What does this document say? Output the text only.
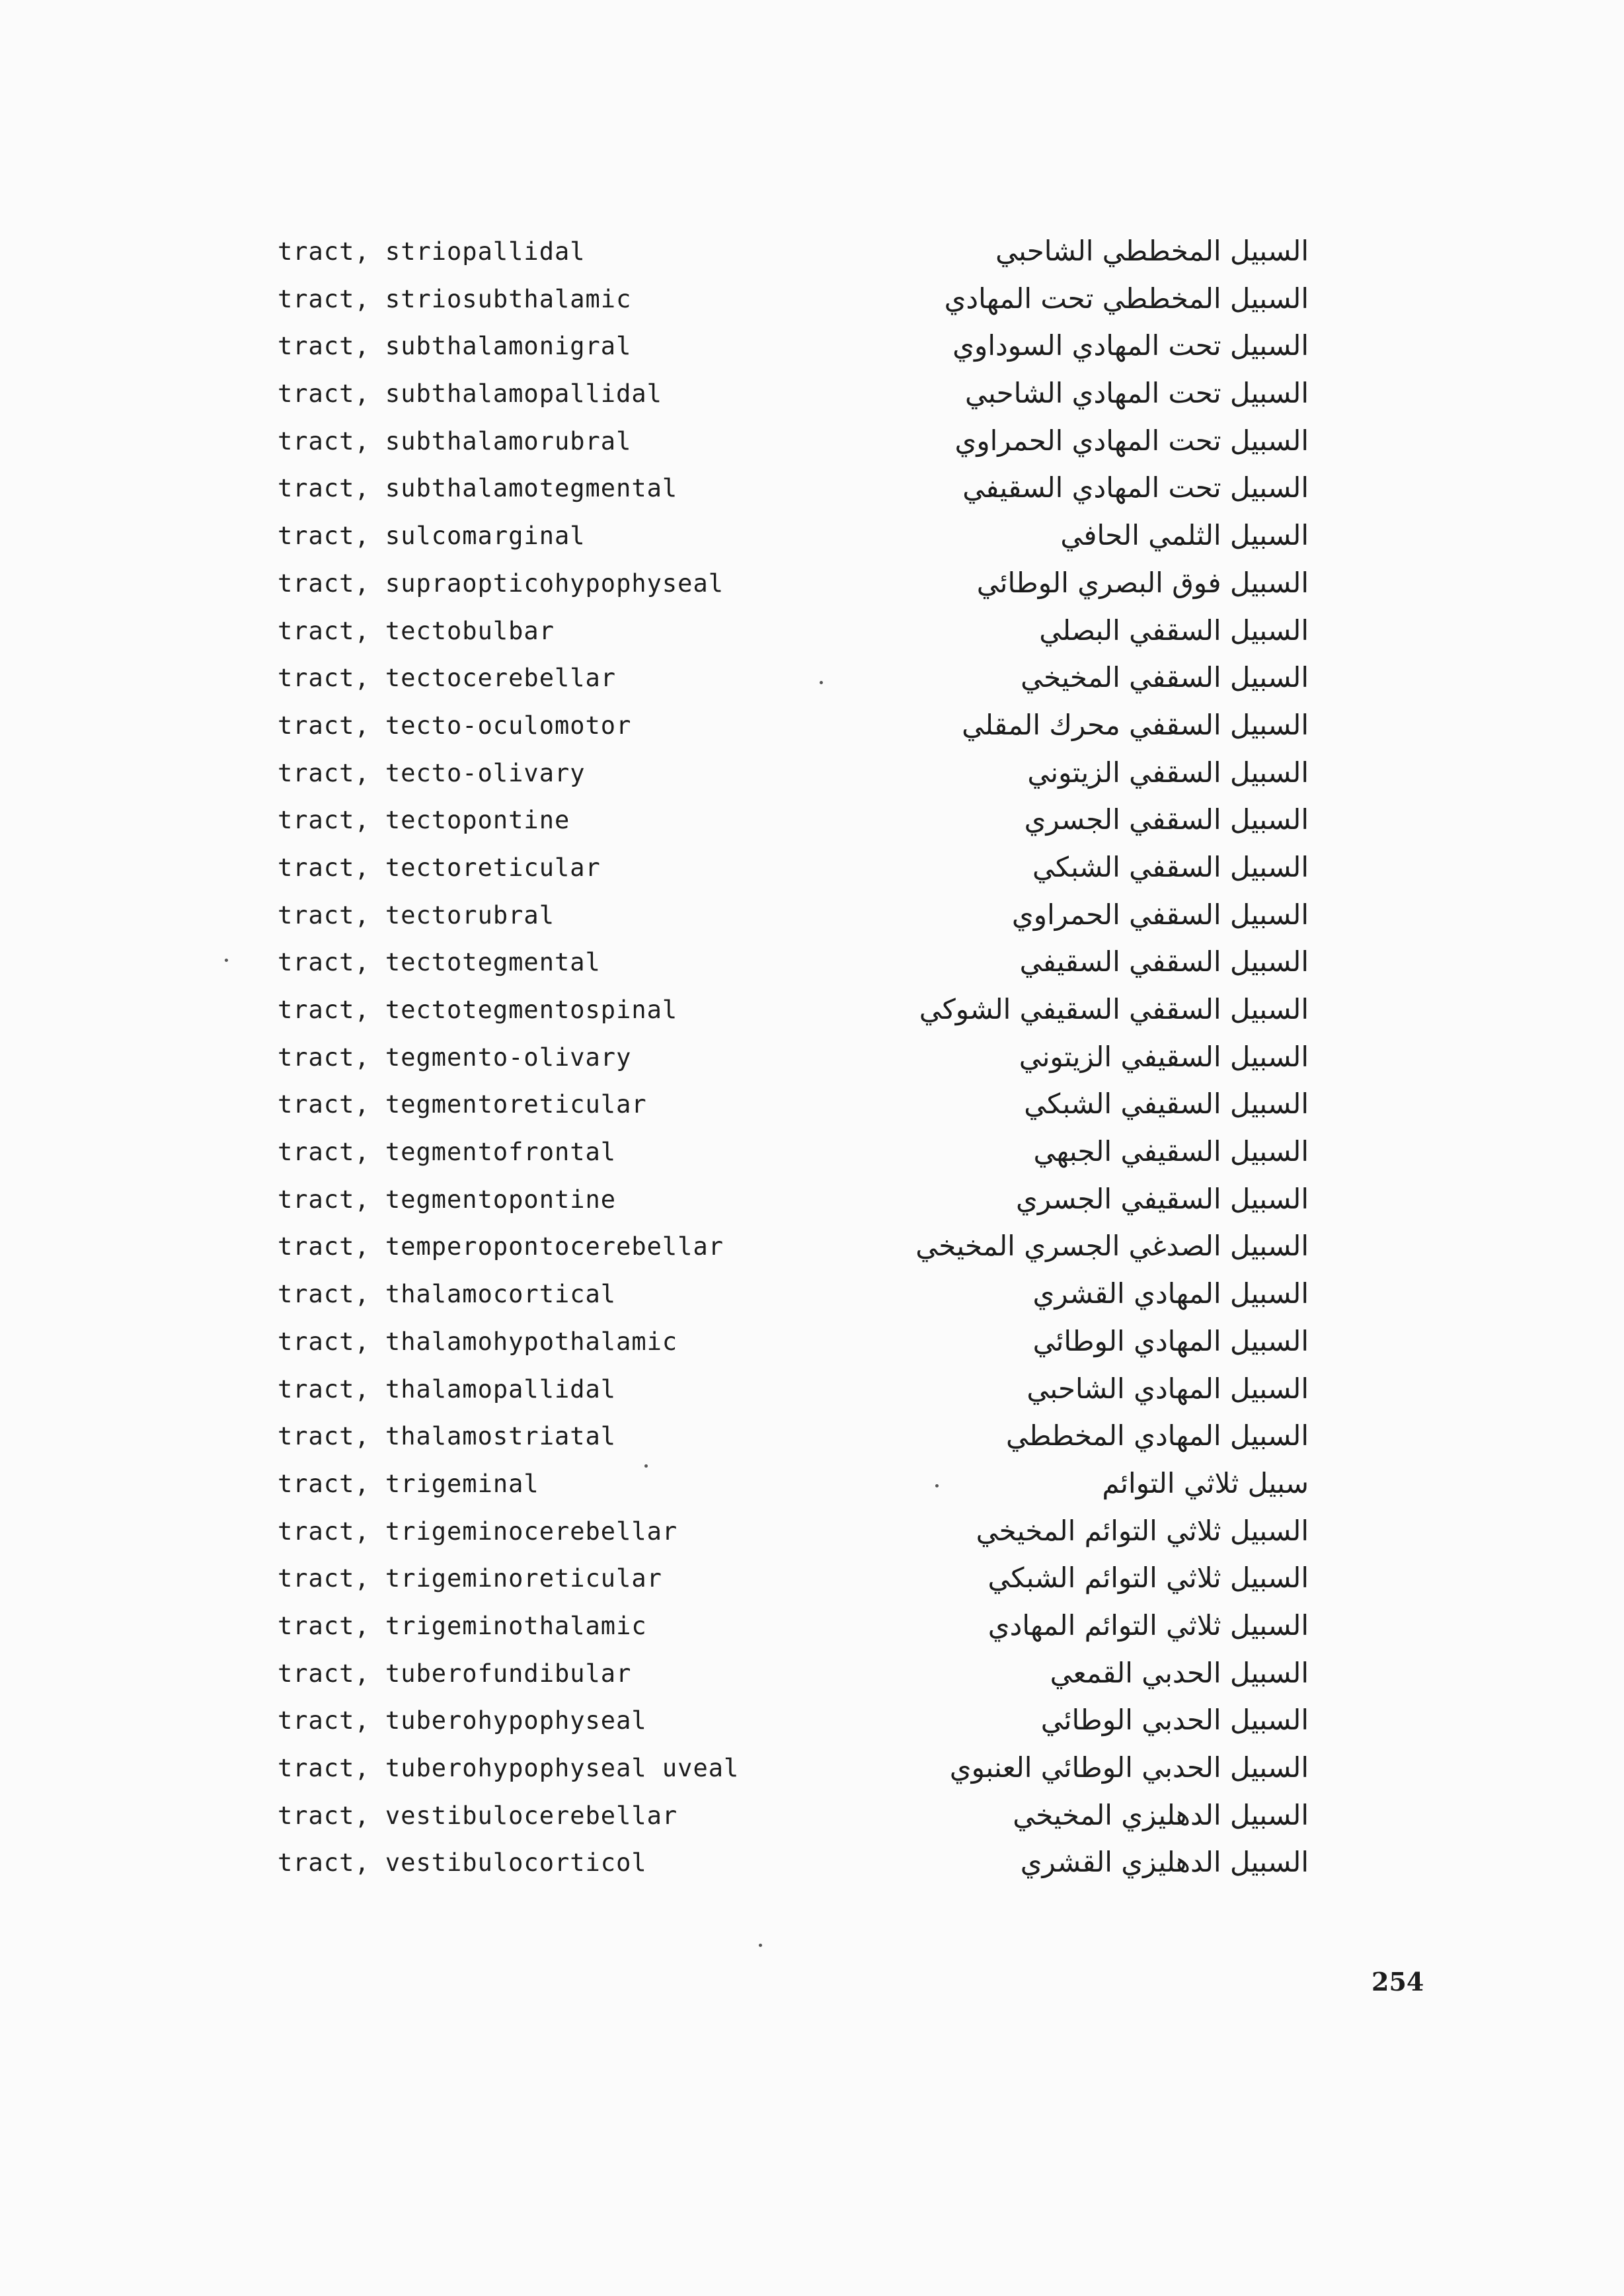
tract, striopallidal	السبيل المخططي الشاحبي
tract, striosubthalamic	السبيل المخططي تحت المهادي
tract, subthalamonigral	السبيل تحت المهادي السوداوي
tract, subthalamopallidal	السبيل تحت المهادي الشاحبي
tract, subthalamorubral	السبيل تحت المهادي الحمراوي
tract, subthalamotegmental	السبيل تحت المهادي السقيفي
tract, sulcomarginal	السبيل الثلمي الحافي
tract, supraopticohypophyseal	السبيل فوق البصري الوطائي
tract, tectobulbar	السبيل السقفي البصلي
tract, tectocerebellar	السبيل السقفي المخيخي
tract, tecto-oculomotor	السبيل السقفي محرك المقلي
tract, tecto-olivary	السبيل السقفي الزيتوني
tract, tectopontine	السبيل السقفي الجسري
tract, tectoreticular	السبيل السقفي الشبكي
tract, tectorubral	السبيل السقفي الحمراوي
tract, tectotegmental	السبيل السقفي السقيفي
tract, tectotegmentospinal	السبيل السقفي السقيفي الشوكي
tract, tegmento-olivary	السبيل السقيفي الزيتوني
tract, tegmentoreticular	السبيل السقيفي الشبكي
tract, tegmentofrontal	السبيل السقيفي الجبهي
tract, tegmentopontine	السبيل السقيفي الجسري
tract, temperopontocerebellar	السبيل الصدغي الجسري المخيخي
tract, thalamocortical	السبيل المهادي القشري
tract, thalamohypothalamic	السبيل المهادي الوطائي
tract, thalamopallidal	السبيل المهادي الشاحبي
tract, thalamostriatal	السبيل المهادي المخططي
tract, trigeminal	سبيل ثلاثي التوائم
tract, trigeminocerebellar	السبيل ثلاثي التوائم المخيخي
tract, trigeminoreticular	السبيل ثلاثي التوائم الشبكي
tract, trigeminothalamic	السبيل ثلاثي التوائم المهادي
tract, tuberofundibular	السبيل الحدبي القمعي
tract, tuberohypophyseal	السبيل الحدبي الوطائي
tract, tuberohypophyseal uveal	السبيل الحدبي الوطائي العنبوي
tract, vestibulocerebellar	السبيل الدهليزي المخيخي
tract, vestibulocorticol	السبيل الدهليزي القشري
254
